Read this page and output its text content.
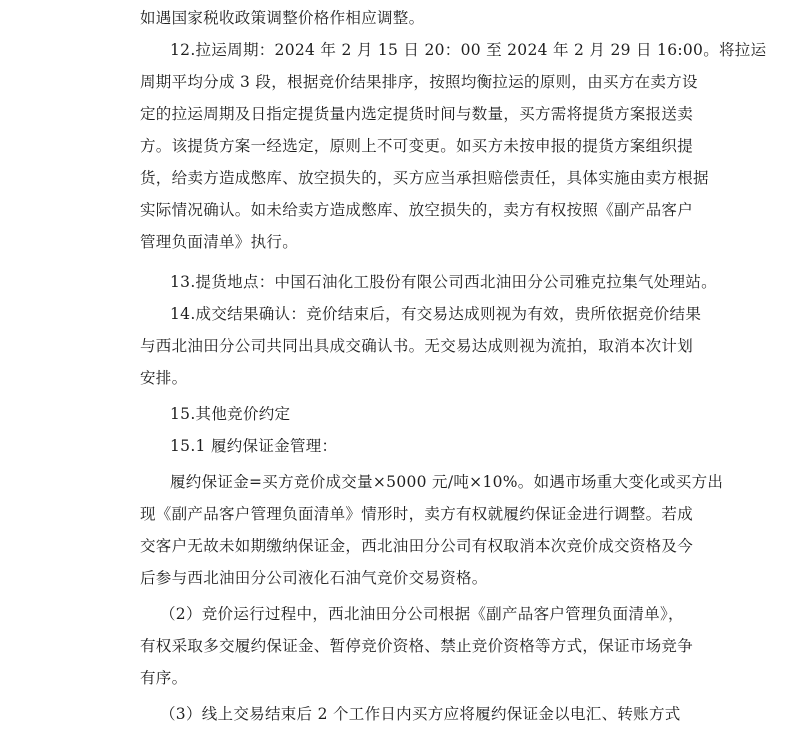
如遇国家税收政策调整价格作相应调整。
12.拉运周期：2024 年 2 月 15 日 20：00 至 2024 年 2 月 29 日 16:00。将拉运
周期平均分成 3 段，根据竞价结果排序，按照均衡拉运的原则，由买方在卖方设
定的拉运周期及日指定提货量内选定提货时间与数量，买方需将提货方案报送卖
方。该提货方案一经选定，原则上不可变更。如买方未按申报的提货方案组织提
货，给卖方造成憋库、放空损失的，买方应当承担赔偿责任，具体实施由卖方根据
实际情况确认。如未给卖方造成憋库、放空损失的，卖方有权按照《副产品客户
管理负面清单》执行。
13.提货地点：中国石油化工股份有限公司西北油田分公司雅克拉集气处理站。
14.成交结果确认：竞价结束后，有交易达成则视为有效，贵所依据竞价结果
与西北油田分公司共同出具成交确认书。无交易达成则视为流拍，取消本次计划
安排。
15.其他竞价约定
15.1 履约保证金管理：
履约保证金=买方竞价成交量×5000 元/吨×10%。如遇市场重大变化或买方出
现《副产品客户管理负面清单》情形时，卖方有权就履约保证金进行调整。若成
交客户无故未如期缴纳保证金，西北油田分公司有权取消本次竞价成交资格及今
后参与西北油田分公司液化石油气竞价交易资格。
（2）竞价运行过程中，西北油田分公司根据《副产品客户管理负面清单》，
有权采取多交履约保证金、暂停竞价资格、禁止竞价资格等方式，保证市场竞争
有序。
（3）线上交易结束后 2 个工作日内买方应将履约保证金以电汇、转账方式
